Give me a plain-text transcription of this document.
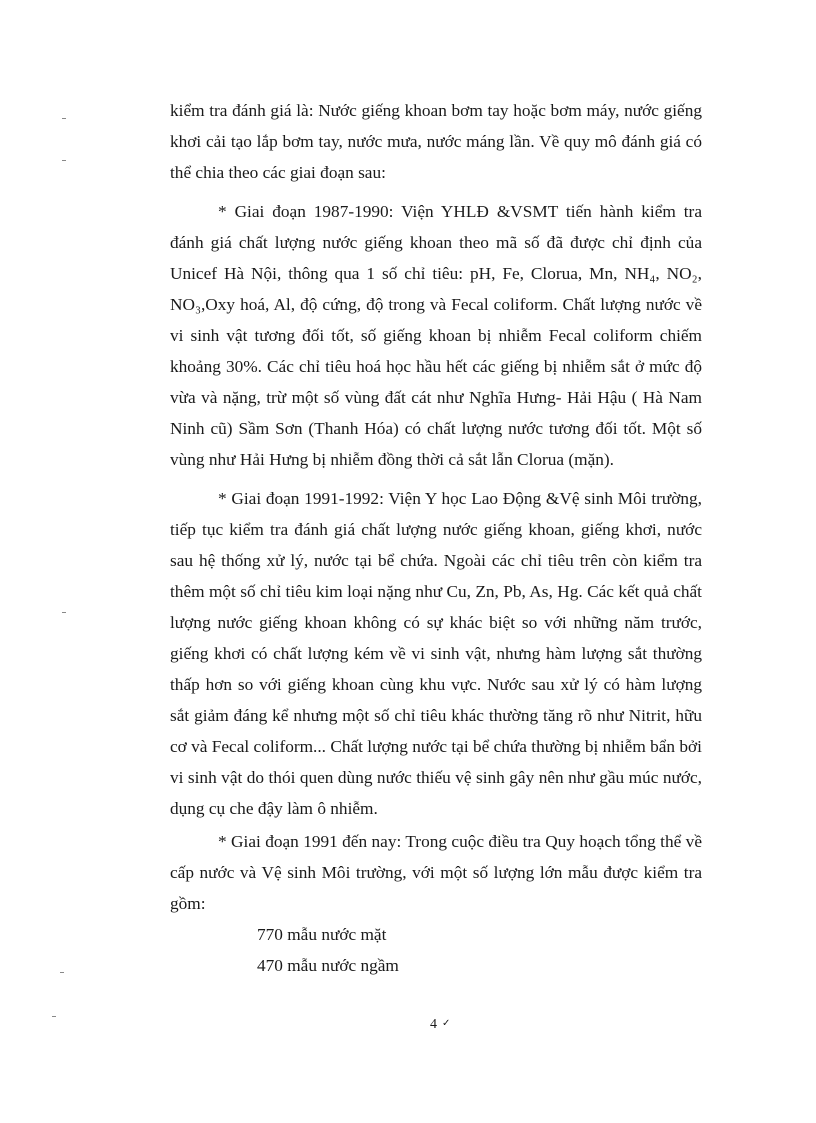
kiểm tra đánh giá là: Nước giếng khoan bơm tay hoặc bơm máy, nước giếng khơi cải tạo lắp bơm tay, nước mưa, nước máng lần. Về quy mô đánh giá có thể chia theo các giai đoạn sau:

* Giai đoạn 1987-1990: Viện YHLĐ &VSMT tiến hành kiểm tra đánh giá chất lượng nước giếng khoan theo mã số đã được chỉ định của Unicef Hà Nội, thông qua 1 số chỉ tiêu: pH, Fe, Clorua, Mn, NH₄, NO₂, NO₃,Oxy hoá, Al, độ cứng, độ trong và Fecal coliform. Chất lượng nước về vi sinh vật tương đối tốt, số giếng khoan bị nhiễm Fecal coliform chiếm khoảng 30%. Các chỉ tiêu hoá học hầu hết các giếng bị nhiễm sắt ở mức độ vừa và nặng, trừ một số vùng đất cát như Nghĩa Hưng- Hải Hậu ( Hà Nam Ninh cũ) Sầm Sơn (Thanh Hóa) có chất lượng nước tương đối tốt. Một số vùng như Hải Hưng bị nhiễm đồng thời cả sắt lẫn Clorua (mặn).

* Giai đoạn 1991-1992: Viện Y học Lao Động &Vệ sinh Môi trường, tiếp tục kiểm tra đánh giá chất lượng nước giếng khoan, giếng khơi, nước sau hệ thống xử lý, nước tại bể chứa. Ngoài các chỉ tiêu trên còn kiểm tra thêm một số chỉ tiêu kim loại nặng như Cu, Zn, Pb, As, Hg. Các kết quả chất lượng nước giếng khoan không có sự khác biệt so với những năm trước, giếng khơi có chất lượng kém về vi sinh vật, nhưng hàm lượng sắt thường thấp hơn so với giếng khoan cùng khu vực. Nước sau xử lý có hàm lượng sắt giảm đáng kể nhưng một số chỉ tiêu khác thường tăng rõ như Nitrit, hữu cơ và Fecal coliform... Chất lượng nước tại bể chứa thường bị nhiễm bẩn bởi vi sinh vật do thói quen dùng nước thiếu vệ sinh gây nên như gầu múc nước, dụng cụ che đậy làm ô nhiễm.

* Giai đoạn 1991 đến nay: Trong cuộc điều tra Quy hoạch tổng thể về cấp nước và Vệ sinh Môi trường, với một số lượng lớn mẫu được kiểm tra gồm:

770 mẫu nước mặt
470 mẫu nước ngầm
4 ✓
